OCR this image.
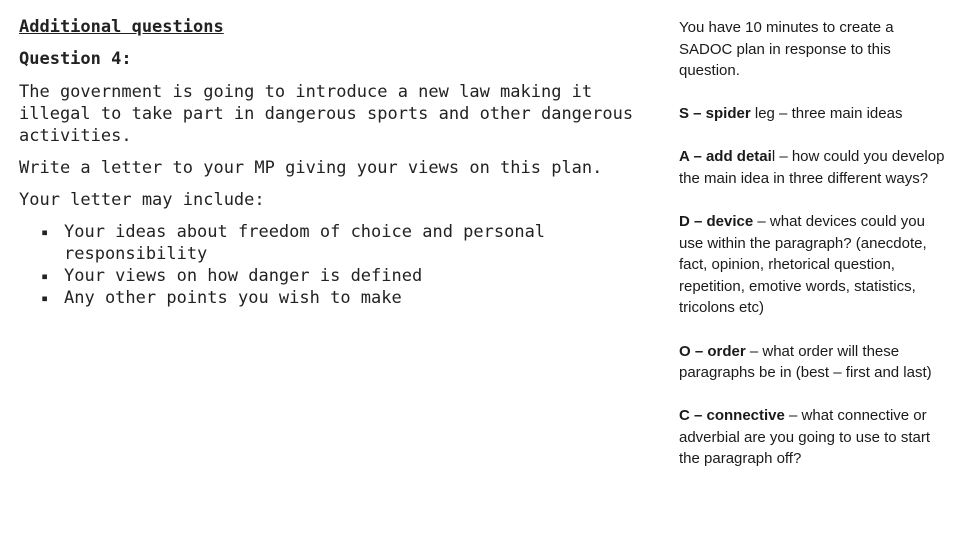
Additional questions
Question 4:

The government is going to introduce a new law making it illegal to take part in dangerous sports and other dangerous activities.

Write a letter to your MP giving your views on this plan.

Your letter may include:

▪ Your ideas about freedom of choice and personal responsibility
▪ Your views on how danger is defined
▪ Any other points you wish to make

You have 10 minutes to create a SADOC plan in response to this question.

S – spider leg – three main ideas

A – add detail – how could you develop the main idea in three different ways?

D – device – what devices could you use within the paragraph? (anecdote, fact, opinion, rhetorical question, repetition, emotive words, statistics, tricolons etc)

O – order – what order will these paragraphs be in (best – first and last)

C – connective – what connective or adverbial are you going to use to start the paragraph off?
